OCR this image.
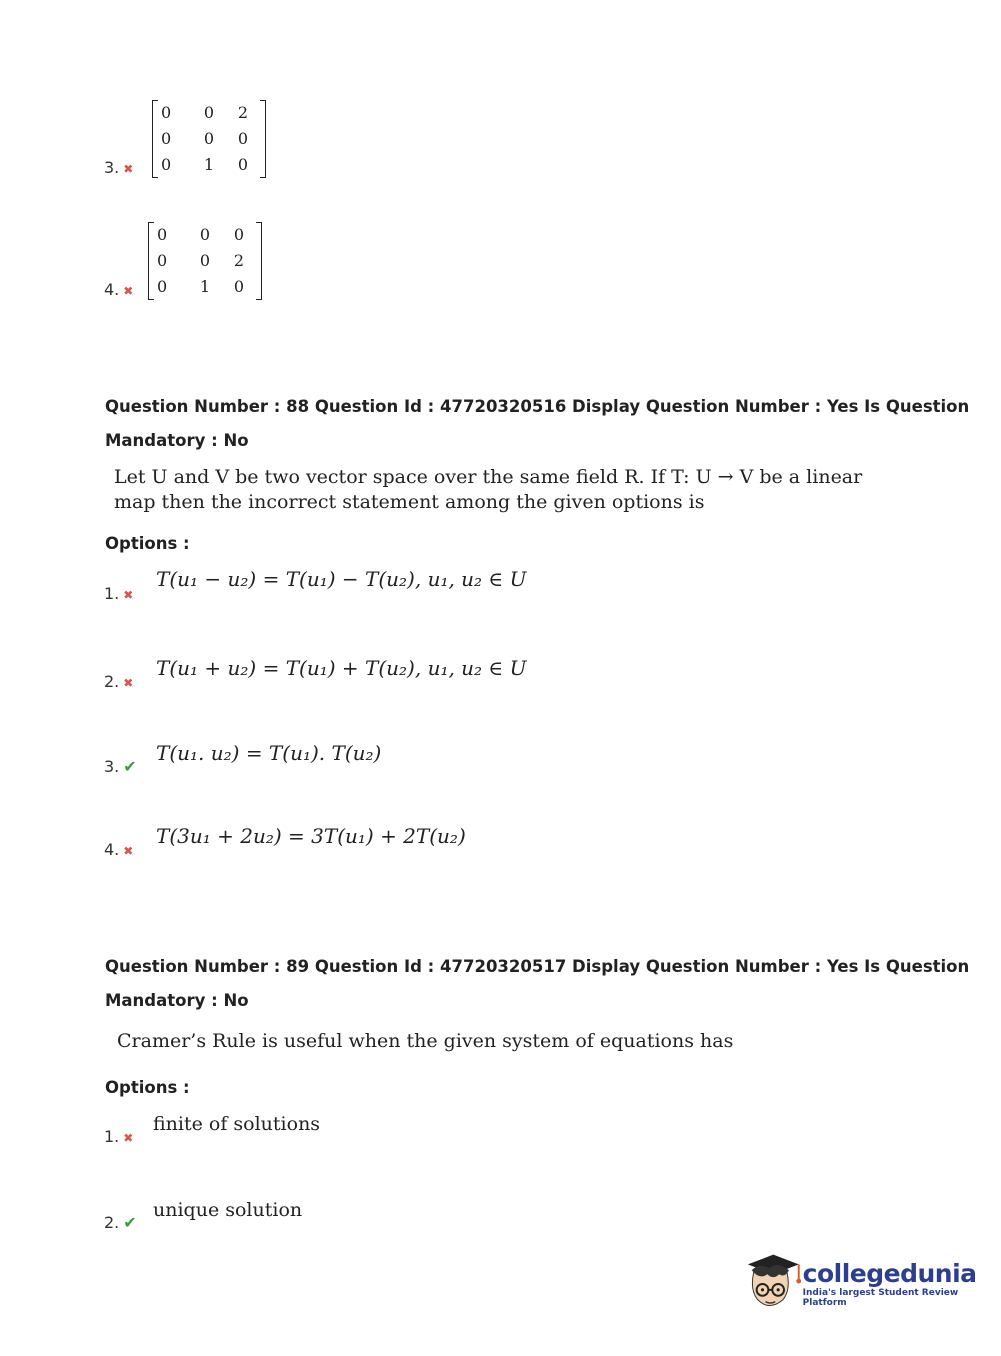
3. ✖
0	0	2
0	0	0
0	1	0
4. ✖
0	0	0
0	0	2
0	1	0
Question Number : 88 Question Id : 47720320516 Display Question Number : Yes Is Question
Mandatory : No
Let U and V be two vector space over the same field R. If T: U → V be a linear
map then the incorrect statement among the given options is
Options :
1. ✖
T(u₁ − u₂) = T(u₁) − T(u₂), u₁, u₂ ∈ U
2. ✖
T(u₁ + u₂) = T(u₁) + T(u₂), u₁, u₂ ∈ U
3. ✔
T(u₁. u₂) = T(u₁). T(u₂)
4. ✖
T(3u₁ + 2u₂) = 3T(u₁) + 2T(u₂)
Question Number : 89 Question Id : 47720320517 Display Question Number : Yes Is Question
Mandatory : No
Cramer’s Rule is useful when the given system of equations has
Options :
1. ✖
finite of solutions
2. ✔
unique solution
collegedunia
India's largest Student Review Platform
